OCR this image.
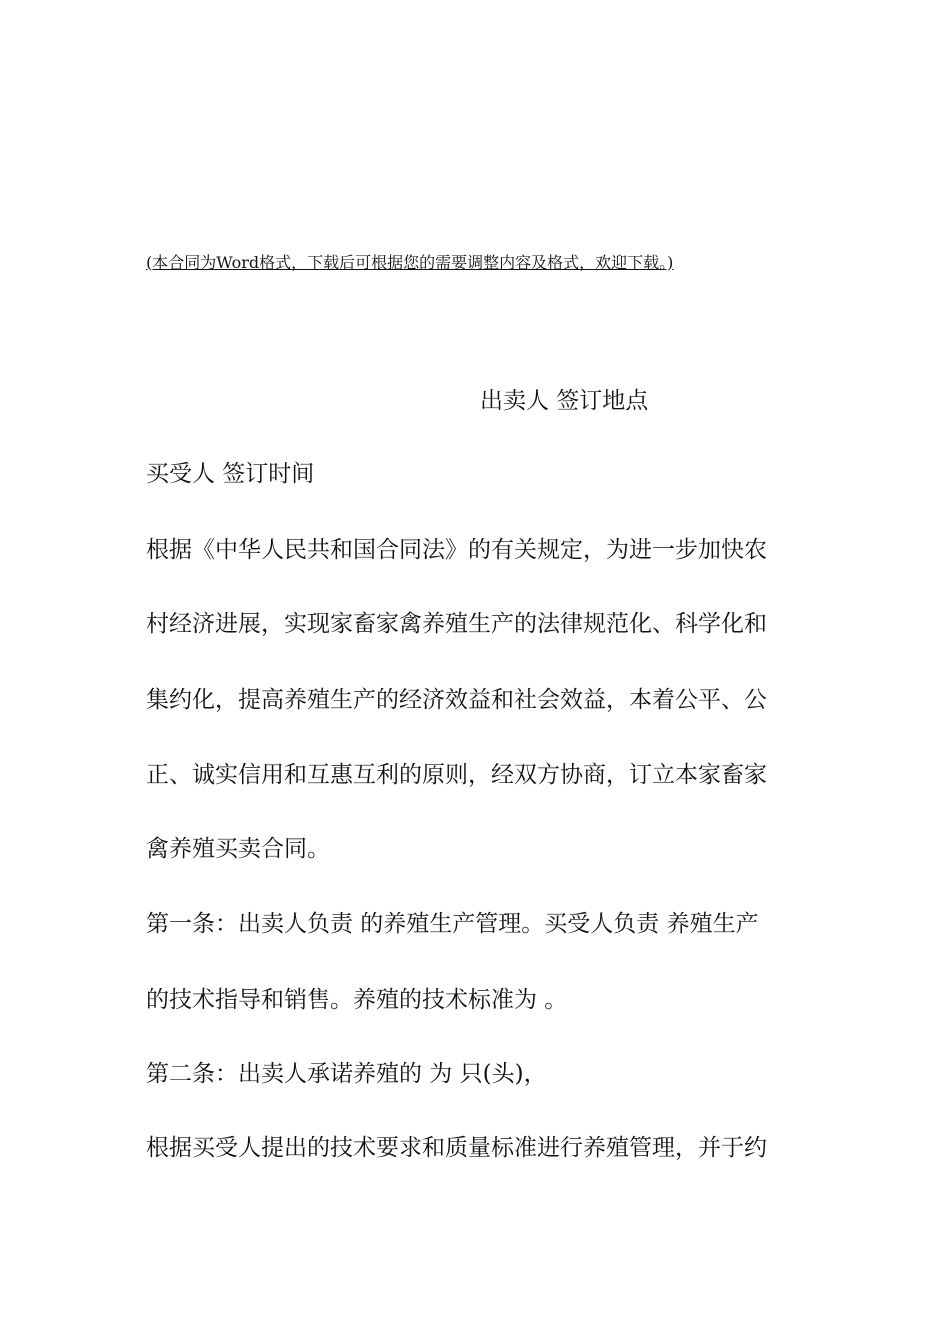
(本合同为Word格式，下载后可根据您的需要调整内容及格式，欢迎下载。)
出卖人 签订地点
买受人 签订时间
根据《中华人民共和国合同法》的有关规定，为进一步加快农
村经济进展，实现家畜家禽养殖生产的法律规范化、科学化和
集约化，提高养殖生产的经济效益和社会效益，本着公平、公
正、诚实信用和互惠互利的原则，经双方协商，订立本家畜家
禽养殖买卖合同。
第一条：出卖人负责 的养殖生产管理。买受人负责 养殖生产
的技术指导和销售。养殖的技术标准为 。
第二条：出卖人承诺养殖的 为 只(头)，
根据买受人提出的技术要求和质量标准进行养殖管理，并于约
